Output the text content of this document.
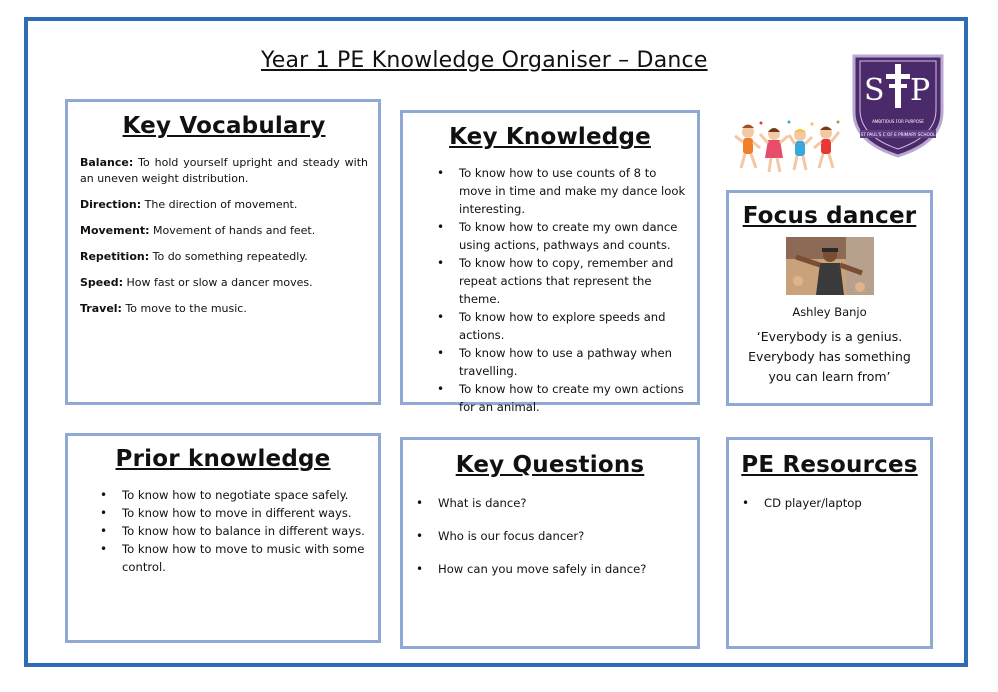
Year 1 PE Knowledge Organiser – Dance
S P
AMBITIOUS FOR PURPOSE
ST PAUL'S C OF E PRIMARY SCHOOL
Key Vocabulary

Balance: To hold yourself upright and steady with an uneven weight distribution.

Direction: The direction of movement.

Movement: Movement of hands and feet.

Repetition: To do something repeatedly.

Speed: How fast or slow a dancer moves.

Travel: To move to the music.

Key Knowledge
• To know how to use counts of 8 to move in time and make my dance look interesting.
• To know how to create my own dance using actions, pathways and counts.
• To know how to copy, remember and repeat actions that represent the theme.
• To know how to explore speeds and actions.
• To know how to use a pathway when travelling.
• To know how to create my own actions for an animal.
Focus dancer
Ashley Banjo
‘Everybody is a genius. Everybody has something you can learn from’
Prior knowledge
• To know how to negotiate space safely.
• To know how to move in different ways.
• To know how to balance in different ways.
• To know how to move to music with some control.
Key Questions
• What is dance?
• Who is our focus dancer?
• How can you move safely in dance?
PE Resources
• CD player/laptop
